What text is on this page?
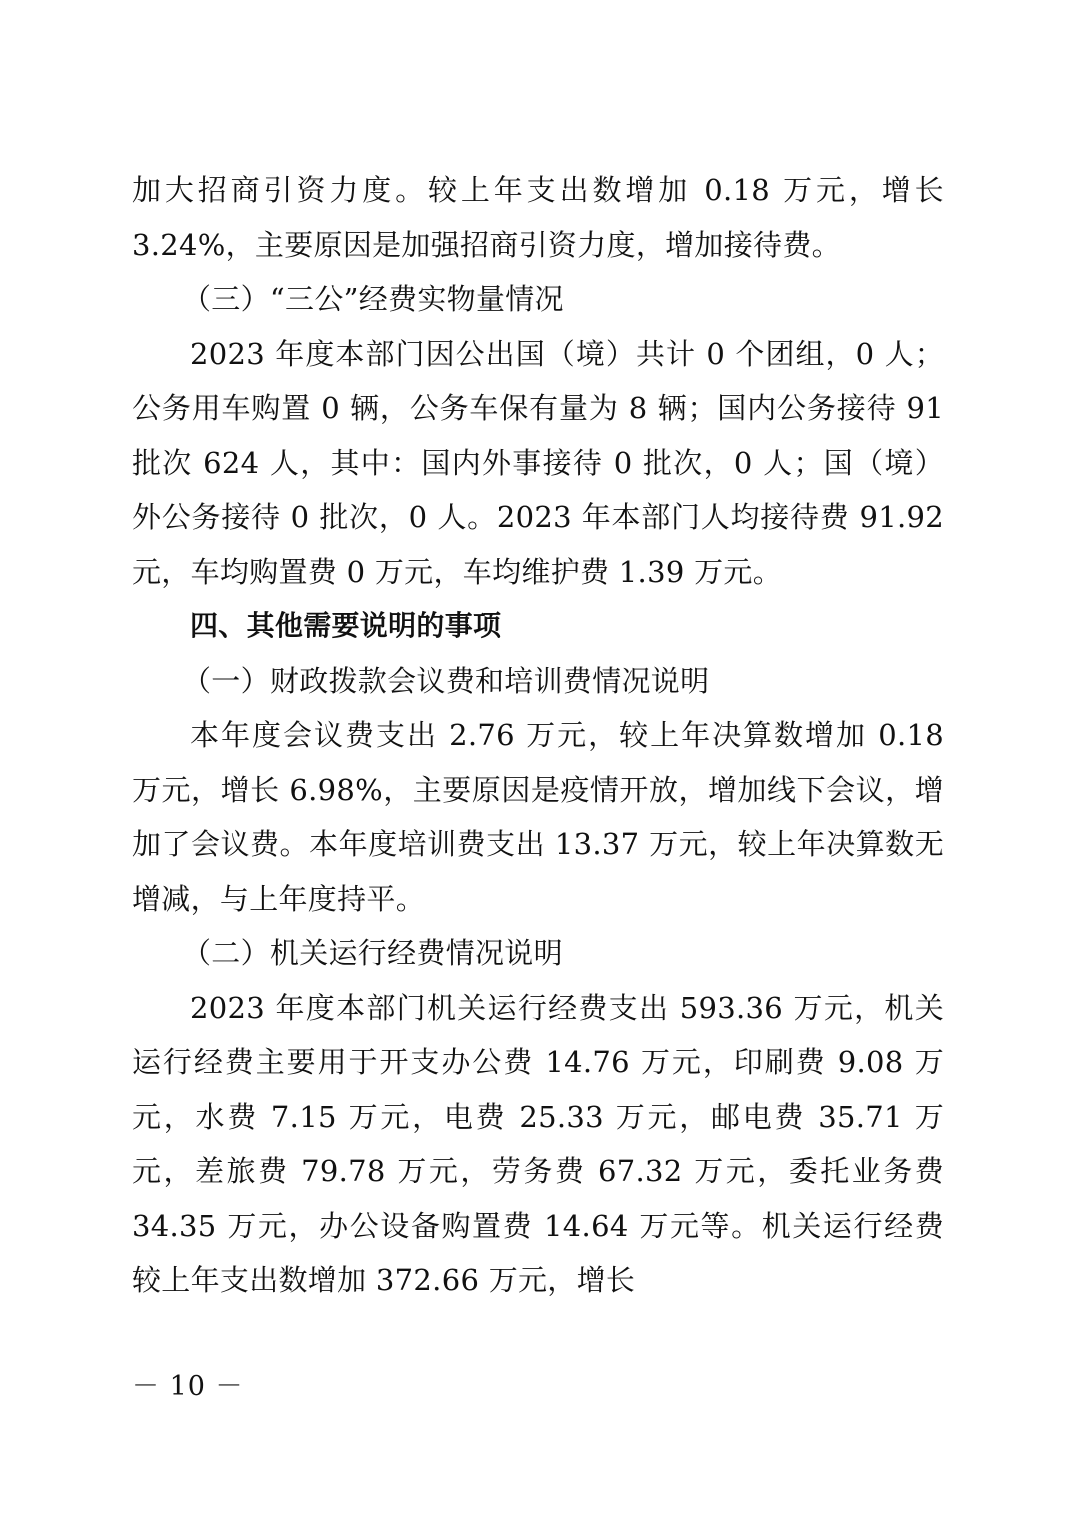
加大招商引资力度。较上年支出数增加 0.18 万元，增长 3.24%，主要原因是加强招商引资力度，增加接待费。

（三）“三公”经费实物量情况

2023 年度本部门因公出国（境）共计 0 个团组，0 人；公务用车购置 0 辆，公务车保有量为 8 辆；国内公务接待 91 批次 624 人，其中：国内外事接待 0 批次，0 人；国（境）外公务接待 0 批次，0 人。2023 年本部门人均接待费 91.92 元，车均购置费 0 万元，车均维护费 1.39 万元。

四、其他需要说明的事项

（一）财政拨款会议费和培训费情况说明

本年度会议费支出 2.76 万元，较上年决算数增加 0.18 万元，增长 6.98%，主要原因是疫情开放，增加线下会议，增加了会议费。本年度培训费支出 13.37 万元，较上年决算数无增减，与上年度持平。

（二）机关运行经费情况说明

2023 年度本部门机关运行经费支出 593.36 万元，机关运行经费主要用于开支办公费 14.76 万元，印刷费 9.08 万元，水费 7.15 万元，电费 25.33 万元，邮电费 35.71 万元，差旅费 79.78 万元，劳务费 67.32 万元，委托业务费 34.35 万元，办公设备购置费 14.64 万元等。机关运行经费较上年支出数增加 372.66 万元，增长

－ 10 －
